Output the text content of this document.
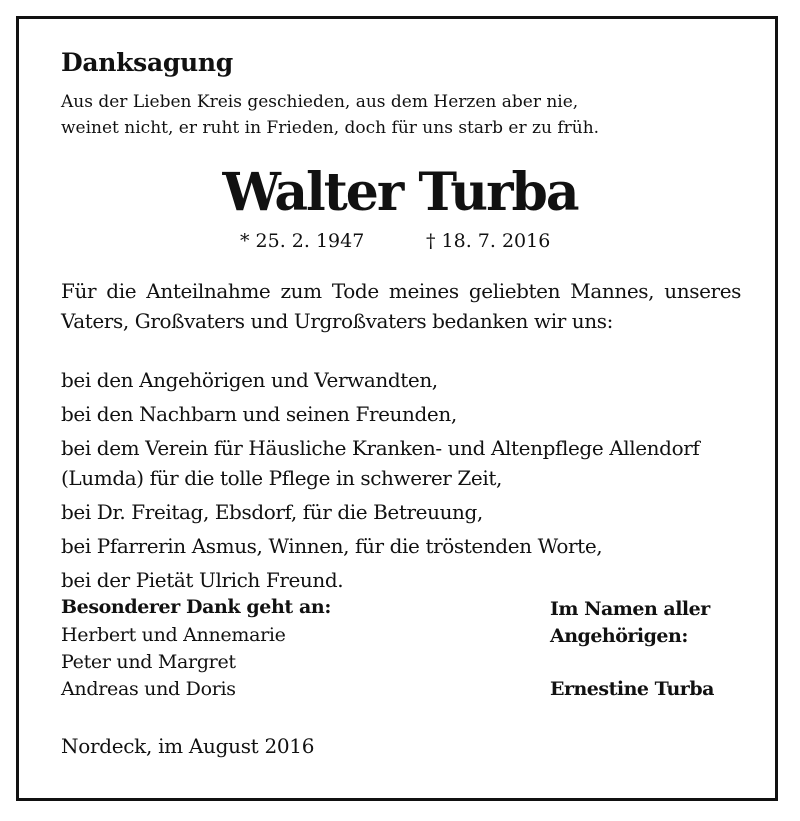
Danksagung
Aus der Lieben Kreis geschieden, aus dem Herzen aber nie,
weinet nicht, er ruht in Frieden, doch für uns starb er zu früh.
Walter Turba
* 25. 2. 1947	† 18. 7. 2016
Für die Anteilnahme zum Tode meines geliebten Mannes, unseres Vaters, Großvaters und Urgroßvaters bedanken wir uns:
bei den Angehörigen und Verwandten,
bei den Nachbarn und seinen Freunden,
bei dem Verein für Häusliche Kranken- und Altenpflege Allendorf (Lumda) für die tolle Pflege in schwerer Zeit,
bei Dr. Freitag, Ebsdorf, für die Betreuung,
bei Pfarrerin Asmus, Winnen, für die tröstenden Worte,
bei der Pietät Ulrich Freund.
Besonderer Dank geht an:
Herbert und Annemarie
Peter und Margret
Andreas und Doris
Im Namen aller
Angehörigen:
Ernestine Turba
Nordeck, im August 2016
